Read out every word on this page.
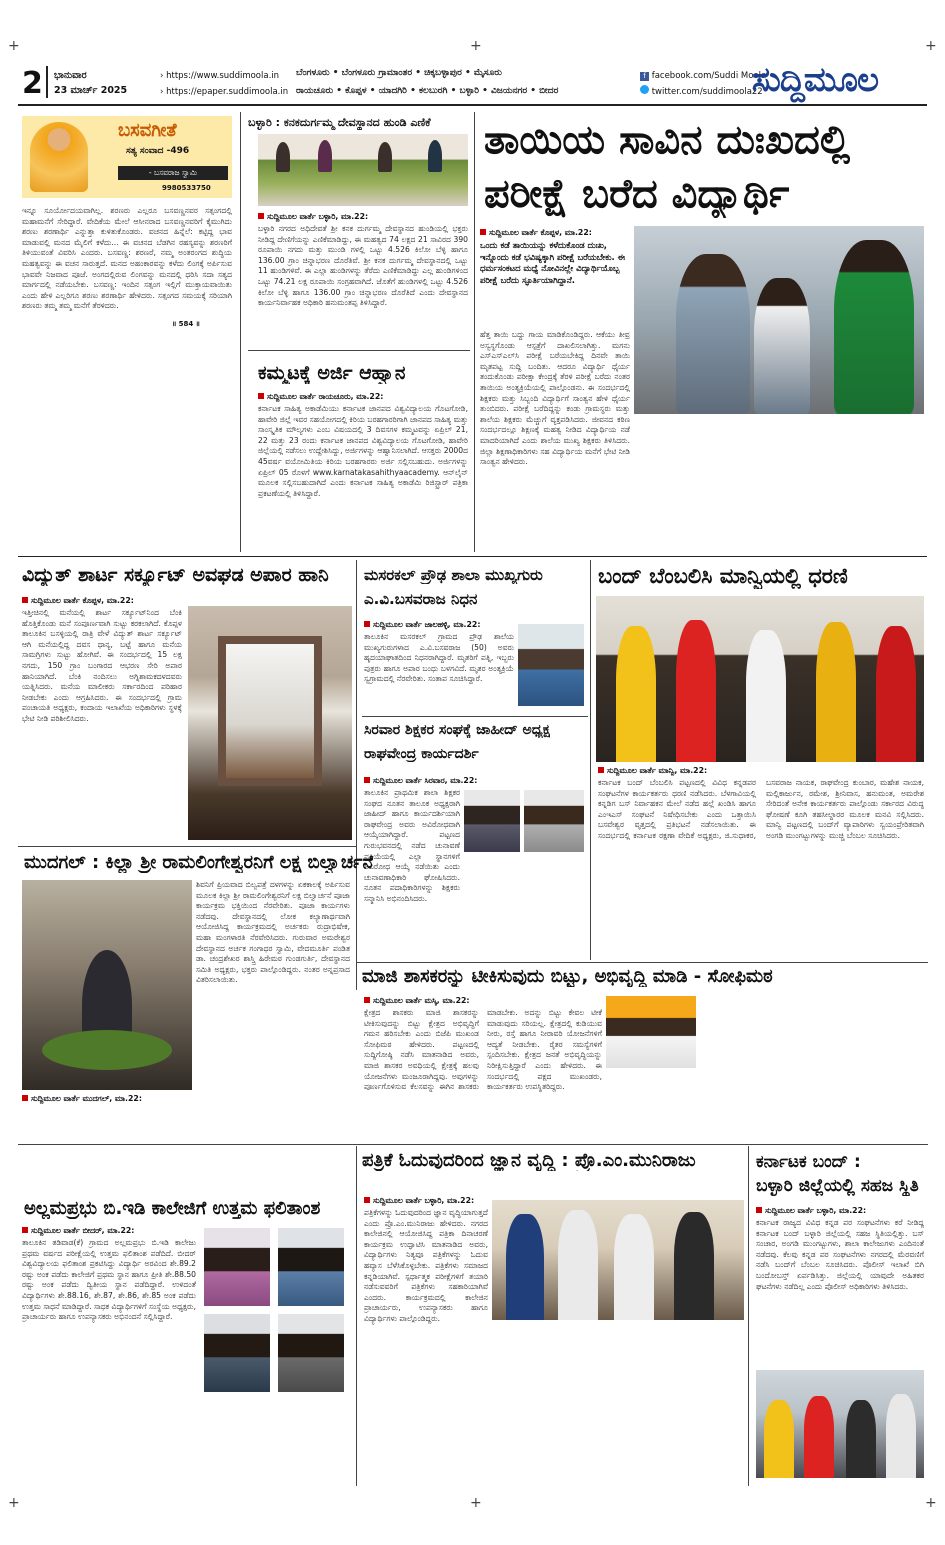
+	+	+
+	+	+
2 ಭಾನುವಾರ
23 ಮಾರ್ಚ್ 2025
› https://www.suddimoola.in
› https://epaper.suddimoola.in
ಬೆಂಗಳೂರು • ಬೆಂಗಳೂರು ಗ್ರಾಮಾಂತರ • ಚಿಕ್ಕಬಳ್ಳಾಪುರ • ಮೈಸೂರು
ರಾಯಚೂರು • ಕೊಪ್ಪಳ • ಯಾದಗಿರಿ • ಕಲಬುರಗಿ • ಬಳ್ಳಾರಿ • ವಿಜಯನಗರ • ಬೀದರ
f facebook.com/Suddi Moola
twitter.com/suddimoola22
ಸುದ್ದಿಮೂಲ
ಬಸವಗೀತೆ
ಸತ್ಯ ಸಂವಾದ -496
- ಬಸವರಾಜ ಸ್ವಾಮಿ
9980533750
ಇನ್ನೂ ಸೂರ್ಯೋದಯವಾಗಿಲ್ಲ. ಶರಣರು ಎಲ್ಲರೂ ಬಸವಣ್ಣನವರ ಸತ್ಸಂಗದಲ್ಲಿ ಮಹಾಮನೆಗೆ ಸೇರಿದ್ದಾರೆ. ವೇದಿಕೆಯ ಮೇಲೆ ಆಸೀನರಾದ ಬಸವಣ್ಣನವರಿಗೆ ಕೈಮುಗಿದು ಶರಣು ಶರಣಾರ್ಥಿ ಎನ್ನುತ್ತಾ ಕುಳಿತುಕೊಂಡರು. ವಚನದ ಹಿನ್ನೆಲೆ: ಕಟ್ಟಿದ್ದ ಭಾವ ಮಾಡುವಲ್ಲಿ ಮನದ ಮೈಲಿಗೆ ಕಳೆದು... ಈ ವಚನದ ಬೆಡಗಿನ ರಹಸ್ಯವನ್ನು ಶರಣರಿಗೆ ತಿಳಿಯುವಂತೆ ವಿವರಿಸಿ ಎಂದರು. ಬಸವಣ್ಣ: ಶರಣರೆ, ನಮ್ಮ ಅಂತರಂಗದ ಶುದ್ಧಿಯ ಮಹತ್ವವನ್ನು ಈ ವಚನ ಸಾರುತ್ತದೆ. ಮನದ ಅಹಂಕಾರವನ್ನು ಕಳೆದು ಲಿಂಗಕ್ಕೆ ಅರ್ಪಿಸುವ ಭಾವವೇ ನಿಜವಾದ ಪೂಜೆ. ಅಂಗದಲ್ಲಿರುವ ಲಿಂಗವನ್ನು ಮನದಲ್ಲಿ ಧರಿಸಿ ಸದಾ ಸತ್ಯದ ಮಾರ್ಗದಲ್ಲಿ ನಡೆಯಬೇಕು. ಬಸವಣ್ಣ: ಇಂದಿನ ಸತ್ಸಂಗ ಇಲ್ಲಿಗೆ ಮುಕ್ತಾಯವಾಯಿತು ಎಂದು ಹೇಳಿ ಎಲ್ಲರಿಗೂ ಶರಣು ಶರಣಾರ್ಥಿ ಹೇಳಿದರು. ಸತ್ಸಂಗದ ಸಮಯಕ್ಕೆ ಸರಿಯಾಗಿ ಶರಣರು ತಮ್ಮ ತಮ್ಮ ಮನೆಗೆ ತೆರಳಿದರು.
॥ 584 ॥
ಬಳ್ಳಾರಿ : ಕನಕದುರ್ಗಮ್ಮ ದೇವಸ್ಥಾನದ ಹುಂಡಿ ಎಣಿಕೆ
ಸುದ್ದಿಮೂಲ ವಾರ್ತೆ ಬಳ್ಳಾರಿ, ಮಾ.22:
ಬಳ್ಳಾರಿ ನಗರದ ಅಧಿದೇವತೆ ಶ್ರೀ ಕನಕ ದುರ್ಗಮ್ಮ ದೇವಸ್ಥಾನದ ಹುಂಡಿಯಲ್ಲಿ ಭಕ್ತರು ನೀಡಿದ್ದ ದೇಣಿಗೆಯನ್ನು ಎಣಿಕೆಮಾಡಿದ್ದು, ಈ ಮಹತ್ವದ 74 ಲಕ್ಷದ 21 ಸಾವಿರದ 390 ರೂಪಾಯಿ ನಗದು ಮತ್ತು ಮುಂಡಿ ಗಳಲ್ಲಿ ಒಟ್ಟು 4.526 ಕಿಲೋ ಬೆಳ್ಳಿ ಹಾಗೂ 136.00 ಗ್ರಾಂ ಚಿನ್ನಾಭರಣ ದೊರೆತಿವೆ. ಶ್ರೀ ಕನಕ ದುರ್ಗಮ್ಮ ದೇವಸ್ಥಾನದಲ್ಲಿ ಒಟ್ಟು 11 ಹುಂಡಿಗಳಿವೆ. ಈ ಎಲ್ಲಾ ಹುಂಡಿಗಳನ್ನು ತೆರೆದು ಎಣಿಕೆಮಾಡಿದ್ದು ಎಲ್ಲ ಹುಂಡಿಗಳಿಂದ ಒಟ್ಟು 74.21 ಲಕ್ಷ ರೂಪಾಯಿ ಸಂಗ್ರಹವಾಗಿದೆ. ಜೊತೆಗೆ ಹುಂಡಿಗಳಲ್ಲಿ ಒಟ್ಟು 4.526 ಕಿಲೋ ಬೆಳ್ಳಿ ಹಾಗೂ 136.00 ಗ್ರಾಂ ಚಿನ್ನಾಭರಣ ದೊರೆತಿದೆ ಎಂದು ದೇವಸ್ಥಾನದ ಕಾರ್ಯನಿರ್ವಾಹಕ ಅಧಿಕಾರಿ ಹನುಮಂತಪ್ಪ ತಿಳಿಸಿದ್ದಾರೆ.
ಕಮ್ಮಟಕ್ಕೆ ಅರ್ಜಿ ಆಹ್ವಾನ
ಸುದ್ದಿಮೂಲ ವಾರ್ತೆ ರಾಯಚೂರು, ಮಾ.22:
ಕರ್ನಾಟಕ ಸಾಹಿತ್ಯ ಅಕಾಡೆಮಿಯು ಕರ್ನಾಟಕ ಜಾನಪದ ವಿಶ್ವವಿದ್ಯಾಲಯ ಗೊಟಗೋಡಿ, ಹಾವೇರಿ ಜಿಲ್ಲೆ ಇವರ ಸಹಯೋಗದಲ್ಲಿ ಕಿರಿಯ ಬರಹಗಾರರಿಗಾಗಿ ಜಾನಪದ ಸಾಹಿತ್ಯ ಮತ್ತು ಸಾಂಸ್ಕೃತಿಕ ಮೌಲ್ಯಗಳು ಎಂಬ ವಿಷಯದಲ್ಲಿ 3 ದಿವಸಗಳ ಕಮ್ಮಟವನ್ನು ಏಪ್ರಿಲ್ 21, 22 ಮತ್ತು 23 ರಂದು ಕರ್ನಾಟಕ ಜಾನಪದ ವಿಶ್ವವಿದ್ಯಾಲಯ ಗೊಟಗೋಡಿ, ಹಾವೇರಿ ಜಿಲ್ಲೆಯಲ್ಲಿ ನಡೆಸಲು ಉದ್ದೇಶಿಸಿದ್ದು, ಅರ್ಜಿಗಳನ್ನು ಆಹ್ವಾನಿಸಲಾಗಿದೆ. ಆಸಕ್ತರು 2000ದ 45ವರ್ಷ ವಯೋಮಿತಿಯ ಕಿರಿಯ ಬರಹಗಾರರು ಅರ್ಜಿ ಸಲ್ಲಿಸಬಹುದು. ಅರ್ಜಿಗಳನ್ನು ಏಪ್ರಿಲ್ 05 ರೊಳಗೆ www.karnatakasahithyaacademy. ಆನ್‌ಲೈನ್ ಮೂಲಕ ಸಲ್ಲಿಸಬಹುದಾಗಿದೆ ಎಂದು ಕರ್ನಾಟಕ ಸಾಹಿತ್ಯ ಅಕಾಡೆಮಿ ರಿಜಿಸ್ಟ್ರಾರ್ ಪತ್ರಿಕಾ ಪ್ರಕಟಣೆಯಲ್ಲಿ ತಿಳಿಸಿದ್ದಾರೆ.
ತಾಯಿಯ ಸಾವಿನ ದುಃಖದಲ್ಲಿ
ಪರೀಕ್ಷೆ ಬರೆದ ವಿದ್ಯಾರ್ಥಿ
ಸುದ್ದಿಮೂಲ ವಾರ್ತೆ ಕೊಪ್ಪಳ, ಮಾ.22:
ಒಂದು ಕಡೆ ತಾಯಿಯನ್ನು ಕಳೆದುಕೊಂಡ ದುಃಖ, ಇನ್ನೊಂದು ಕಡೆ ಭವಿಷ್ಯಕ್ಕಾಗಿ ಪರೀಕ್ಷೆ ಬರೆಯಬೇಕು. ಈ ಧರ್ಮಸಂಕಟದ ಮಧ್ಯೆ ನೋವಿನಲ್ಲೇ ವಿದ್ಯಾರ್ಥಿಯೊಬ್ಬ ಪರೀಕ್ಷೆ ಬರೆದು ಸ್ಫೂರ್ತಿಯಾಗಿದ್ದಾನೆ.
ಹೆತ್ತ ತಾಯಿ ಬದ್ದು ಗಾಯ ಮಾಡಿಕೊಂಡಿದ್ದರು. ಆಕೆಯು ತೀವ್ರ ಅಸ್ವಸ್ಥಗೊಂಡು ಆಸ್ಪತ್ರೆಗೆ ದಾಖಲಿಸಲಾಗಿತ್ತು. ಮಗನು ಎಸ್ಎಸ್ಎಲ್‌ಸಿ ಪರೀಕ್ಷೆ ಬರೆಯಬೇಕಿದ್ದ ದಿನವೇ ತಾಯಿ ಮೃತಪಟ್ಟ ಸುದ್ದಿ ಬಂದಿತು. ಆದರೂ ವಿದ್ಯಾರ್ಥಿ ಧೈರ್ಯ ತಂದುಕೊಂಡು ಪರೀಕ್ಷಾ ಕೇಂದ್ರಕ್ಕೆ ತೆರಳಿ ಪರೀಕ್ಷೆ ಬರೆದು ನಂತರ ತಾಯಿಯ ಅಂತ್ಯಕ್ರಿಯೆಯಲ್ಲಿ ಪಾಲ್ಗೊಂಡನು. ಈ ಸಂದರ್ಭದಲ್ಲಿ ಶಿಕ್ಷಕರು ಮತ್ತು ಸಿಬ್ಬಂದಿ ವಿದ್ಯಾರ್ಥಿಗೆ ಸಾಂತ್ವನ ಹೇಳಿ ಧೈರ್ಯ ತುಂಬಿದರು. ಪರೀಕ್ಷೆ ಬರೆದಿದ್ದನ್ನು ಕಂಡು ಗ್ರಾಮಸ್ಥರು ಮತ್ತು ಶಾಲೆಯ ಶಿಕ್ಷಕರು ಮೆಚ್ಚುಗೆ ವ್ಯಕ್ತಪಡಿಸಿದರು. ಜೀವನದ ಕಠಿಣ ಸಂದರ್ಭದಲ್ಲೂ ಶಿಕ್ಷಣಕ್ಕೆ ಮಹತ್ವ ನೀಡಿದ ವಿದ್ಯಾರ್ಥಿಯ ನಡೆ ಮಾದರಿಯಾಗಿದೆ ಎಂದು ಶಾಲೆಯ ಮುಖ್ಯ ಶಿಕ್ಷಕರು ತಿಳಿಸಿದರು. ಜಿಲ್ಲಾ ಶಿಕ್ಷಣಾಧಿಕಾರಿಗಳು ಸಹ ವಿದ್ಯಾರ್ಥಿಯ ಮನೆಗೆ ಭೇಟಿ ನೀಡಿ ಸಾಂತ್ವನ ಹೇಳಿದರು.
ವಿದ್ಯುತ್ ಶಾರ್ಟ ಸರ್ಕ್ಯೂಟ್ ಅವಘಡ ಅಪಾರ ಹಾನಿ
ಸುದ್ದಿಮೂಲ ವಾರ್ತೆ ಕೊಪ್ಪಳ, ಮಾ.22:
ಇತ್ತೀಚಿನಲ್ಲಿ ಮನೆಯಲ್ಲಿ ಶಾರ್ಟ ಸರ್ಕ್ಯೂಟ್‌ನಿಂದ ಬೆಂಕಿ ಹೊತ್ತಿಕೊಂಡು ಮನೆ ಸಂಪೂರ್ಣವಾಗಿ ಸುಟ್ಟು ಕರಕಲಾಗಿದೆ. ಕೊಪ್ಪಳ ತಾಲೂಕಿನ ಬಸಳ್ಳಿಯಲ್ಲಿ ರಾತ್ರಿ ವೇಳೆ ವಿದ್ಯುತ್ ಶಾರ್ಟ ಸರ್ಕ್ಯೂಟ್ ಆಗಿ ಮನೆಯಲ್ಲಿದ್ದ ದವಸ ಧಾನ್ಯ, ಬಟ್ಟೆ ಹಾಗೂ ಮನೆಯ ಸಾಮಗ್ರಿಗಳು ಸುಟ್ಟು ಹೋಗಿವೆ. ಈ ಸಂದರ್ಭದಲ್ಲಿ 15 ಲಕ್ಷ ನಗದು, 150 ಗ್ರಾಂ ಬಂಗಾರದ ಆಭರಣ ಸೇರಿ ಅಪಾರ ಹಾನಿಯಾಗಿದೆ. ಬೆಂಕಿ ನಂದಿಸಲು ಅಗ್ನಿಶಾಮಕದಳದವರು ಯತ್ನಿಸಿದರು. ಮನೆಯ ಮಾಲೀಕರು ಸರ್ಕಾರದಿಂದ ಪರಿಹಾರ ನೀಡಬೇಕು ಎಂದು ಆಗ್ರಹಿಸಿದರು. ಈ ಸಂದರ್ಭದಲ್ಲಿ ಗ್ರಾಮ ಪಂಚಾಯತಿ ಅಧ್ಯಕ್ಷರು, ಕಂದಾಯ ಇಲಾಖೆಯ ಅಧಿಕಾರಿಗಳು ಸ್ಥಳಕ್ಕೆ ಭೇಟಿ ನೀಡಿ ಪರಿಶೀಲಿಸಿದರು.
ಮಸರಕಲ್ ಪ್ರೌಢ ಶಾಲಾ ಮುಖ್ಯಗುರು
ಎ.ವಿ.ಬಸವರಾಜ ನಿಧನ
ಸುದ್ದಿಮೂಲ ವಾರ್ತೆ ಜಾಲಹಳ್ಳಿ, ಮಾ.22:
ತಾಲೂಕಿನ ಮಸರಕಲ್ ಗ್ರಾಮದ ಪ್ರೌಢ ಶಾಲೆಯ ಮುಖ್ಯಗುರುಗಳಾದ ಎ.ವಿ.ಬಸವರಾಜ (50) ಅವರು ಹೃದಯಾಘಾತದಿಂದ ನಿಧನರಾಗಿದ್ದಾರೆ. ಮೃತರಿಗೆ ಪತ್ನಿ, ಇಬ್ಬರು ಪುತ್ರರು ಹಾಗೂ ಅಪಾರ ಬಂಧು ಬಳಗವಿದೆ. ಮೃತರ ಅಂತ್ಯಕ್ರಿಯೆ ಸ್ವಗ್ರಾಮದಲ್ಲಿ ನೆರವೇರಿತು. ಸಂತಾಪ ಸೂಚಿಸಿದ್ದಾರೆ.
ಸಿರವಾರ ಶಿಕ್ಷಕರ ಸಂಘಕ್ಕೆ ಜಾಹೀದ್ ಅಧ್ಯಕ್ಷ
ರಾಘವೇಂದ್ರ ಕಾರ್ಯದರ್ಶಿ
ಸುದ್ದಿಮೂಲ ವಾರ್ತೆ ಸಿರವಾರ, ಮಾ.22:
ತಾಲೂಕಿನ ಪ್ರಾಥಮಿಕ ಶಾಲಾ ಶಿಕ್ಷಕರ ಸಂಘದ ನೂತನ ತಾಲೂಕ ಅಧ್ಯಕ್ಷರಾಗಿ ಜಾಹೀದ್ ಹಾಗೂ ಕಾರ್ಯದರ್ಶಿಯಾಗಿ ರಾಘವೇಂದ್ರ ಅವರು ಅವಿರೋಧವಾಗಿ ಆಯ್ಕೆಯಾಗಿದ್ದಾರೆ. ಪಟ್ಟಣದ ಗುರುಭವನದಲ್ಲಿ ನಡೆದ ಚುನಾವಣೆ ಪ್ರಕ್ರಿಯೆಯಲ್ಲಿ ಎಲ್ಲಾ ಸ್ಥಾನಗಳಿಗೆ ಅವಿರೋಧ ಆಯ್ಕೆ ನಡೆಯಿತು ಎಂದು ಚುನಾವಣಾಧಿಕಾರಿ ಘೋಷಿಸಿದರು. ನೂತನ ಪದಾಧಿಕಾರಿಗಳನ್ನು ಶಿಕ್ಷಕರು ಸನ್ಮಾನಿಸಿ ಅಭಿನಂದಿಸಿದರು.
ಬಂದ್ ಬೆಂಬಲಿಸಿ ಮಾನ್ವಿಯಲ್ಲಿ ಧರಣಿ
ಸುದ್ದಿಮೂಲ ವಾರ್ತೆ ಮಾನ್ವಿ, ಮಾ.22:
ಕರ್ನಾಟಕ ಬಂದ್ ಬೆಂಬಲಿಸಿ ಪಟ್ಟಣದಲ್ಲಿ ವಿವಿಧ ಕನ್ನಡಪರ ಸಂಘಟನೆಗಳ ಕಾರ್ಯಕರ್ತರು ಧರಣಿ ನಡೆಸಿದರು. ಬೆಳಗಾವಿಯಲ್ಲಿ ಕನ್ನಡಿಗ ಬಸ್ ನಿರ್ವಾಹಕನ ಮೇಲೆ ನಡೆದ ಹಲ್ಲೆ ಖಂಡಿಸಿ ಹಾಗೂ ಎಂಇಎಸ್ ಸಂಘಟನೆ ನಿಷೇಧಿಸಬೇಕು ಎಂದು ಒತ್ತಾಯಿಸಿ ಬಸವೇಶ್ವರ ವೃತ್ತದಲ್ಲಿ ಪ್ರತಿಭಟನೆ ನಡೆಸಲಾಯಿತು. ಈ ಸಂದರ್ಭದಲ್ಲಿ ಕರ್ನಾಟಕ ರಕ್ಷಣಾ ವೇದಿಕೆ ಅಧ್ಯಕ್ಷರು, ಜಿ.ಸುಧಾಕರ, ಬಸವರಾಜ ನಾಯಕ, ರಾಘವೇಂದ್ರ ಕುಂಬಾರ, ಮಹೇಶ ನಾಯಕ, ಮಲ್ಲಿಕಾರ್ಜುನ, ರಮೇಶ, ಶ್ರೀನಿವಾಸ, ಹನುಮಂತ, ಅಮರೇಶ ಸೇರಿದಂತೆ ಅನೇಕ ಕಾರ್ಯಕರ್ತರು ಪಾಲ್ಗೊಂಡು ಸರ್ಕಾರದ ವಿರುದ್ಧ ಘೋಷಣೆ ಕೂಗಿ ತಹಸೀಲ್ದಾರರ ಮೂಲಕ ಮನವಿ ಸಲ್ಲಿಸಿದರು. ಮಾನ್ವಿ ಪಟ್ಟಣದಲ್ಲಿ ಬಂದ್‌ಗೆ ವ್ಯಾಪಾರಿಗಳು ಸ್ವಯಂಪ್ರೇರಿತವಾಗಿ ಅಂಗಡಿ ಮುಂಗಟ್ಟುಗಳನ್ನು ಮುಚ್ಚಿ ಬೆಂಬಲ ಸೂಚಿಸಿದರು.
ಮುದಗಲ್ : ಕಿಲ್ಲಾ ಶ್ರೀ ರಾಮಲಿಂಗೇಶ್ವರನಿಗೆ ಲಕ್ಷ ಬಿಲ್ವಾರ್ಚನೆ
ಶಿವನಿಗೆ ಪ್ರಿಯವಾದ ಬಿಲ್ವಪತ್ರೆ ದಳಗಳನ್ನು ಏಕಕಾಲಕ್ಕೆ ಅರ್ಪಿಸುವ ಮೂಲಕ ಕಿಲ್ಲಾ ಶ್ರೀ ರಾಮಲಿಂಗೇಶ್ವರನಿಗೆ ಲಕ್ಷ ಬಿಲ್ವಾರ್ಚನೆ ಪೂಜಾ ಕಾರ್ಯಕ್ರಮ ಭಕ್ತಿಯಿಂದ ನೆರವೇರಿತು. ಪೂಜಾ ಕಾರ್ಯಗಳು ನಡೆದವು. ದೇವಸ್ಥಾನದಲ್ಲಿ ಲೋಕ ಕಲ್ಯಾಣಾರ್ಥವಾಗಿ ಆಯೋಜಿಸಿದ್ದ ಕಾರ್ಯಕ್ರಮದಲ್ಲಿ ಅರ್ಚಕರು ರುದ್ರಾಭಿಷೇಕ, ಮಹಾ ಮಂಗಳಾರತಿ ನೆರವೇರಿಸಿದರು. ಗುರುವಾರ ಅಮರೇಶ್ವರ ದೇವಸ್ಥಾನದ ಅರ್ಚಕ ಗಂಗಾಧರ ಸ್ವಾಮಿ, ವೇದಮೂರ್ತಿ ಪಂಡಿತ ಡಾ. ಚಂದ್ರಶೇಖರ ಶಾಸ್ತ್ರಿ ಹಿರೇಮಠ ಗುಂಡಗುರ್ತಿ, ದೇವಸ್ಥಾನದ ಸಮಿತಿ ಅಧ್ಯಕ್ಷರು, ಭಕ್ತರು ಪಾಲ್ಗೊಂಡಿದ್ದರು. ನಂತರ ಅನ್ನಪ್ರಸಾದ ವಿತರಿಸಲಾಯಿತು.
ಸುದ್ದಿಮೂಲ ವಾರ್ತೆ ಮುದಗಲ್, ಮಾ.22:
ಮಾಜಿ ಶಾಸಕರನ್ನು ಟೀಕಿಸುವುದು ಬಿಟ್ಟು, ಅಭಿವೃದ್ಧಿ ಮಾಡಿ - ಸೋಫಿಮಠ
ಸುದ್ದಿಮೂಲ ವಾರ್ತೆ ಮಸ್ಕಿ, ಮಾ.22:
ಕ್ಷೇತ್ರದ ಶಾಸಕರು ಮಾಜಿ ಶಾಸಕರನ್ನು ಟೀಕಿಸುವುದನ್ನು ಬಿಟ್ಟು ಕ್ಷೇತ್ರದ ಅಭಿವೃದ್ಧಿಗೆ ಗಮನ ಹರಿಸಬೇಕು ಎಂದು ಬಿಜೆಪಿ ಮುಖಂಡ ಸೋಫಿಮಠ ಹೇಳಿದರು. ಪಟ್ಟಣದಲ್ಲಿ ಸುದ್ದಿಗೋಷ್ಠಿ ನಡೆಸಿ ಮಾತನಾಡಿದ ಅವರು, ಮಾಜಿ ಶಾಸಕರ ಅವಧಿಯಲ್ಲಿ ಕ್ಷೇತ್ರಕ್ಕೆ ಹಲವು ಯೋಜನೆಗಳು ಮಂಜೂರಾಗಿದ್ದವು. ಅವುಗಳನ್ನು ಪೂರ್ಣಗೊಳಿಸುವ ಕೆಲಸವನ್ನು ಈಗಿನ ಶಾಸಕರು ಮಾಡಬೇಕು. ಅದನ್ನು ಬಿಟ್ಟು ಕೇವಲ ಟೀಕೆ ಮಾಡುವುದು ಸರಿಯಲ್ಲ. ಕ್ಷೇತ್ರದಲ್ಲಿ ಕುಡಿಯುವ ನೀರು, ರಸ್ತೆ ಹಾಗೂ ನೀರಾವರಿ ಯೋಜನೆಗಳಿಗೆ ಆದ್ಯತೆ ನೀಡಬೇಕು. ರೈತರ ಸಮಸ್ಯೆಗಳಿಗೆ ಸ್ಪಂದಿಸಬೇಕು. ಕ್ಷೇತ್ರದ ಜನತೆ ಅಭಿವೃದ್ಧಿಯನ್ನು ನಿರೀಕ್ಷಿಸುತ್ತಿದ್ದಾರೆ ಎಂದು ಹೇಳಿದರು. ಈ ಸಂದರ್ಭದಲ್ಲಿ ಪಕ್ಷದ ಮುಖಂಡರು, ಕಾರ್ಯಕರ್ತರು ಉಪಸ್ಥಿತರಿದ್ದರು.
ಅಲ್ಲಮಪ್ರಭು ಬಿ.ಇಡಿ ಕಾಲೇಜಿಗೆ ಉತ್ತಮ ಫಲಿತಾಂಶ
ಸುದ್ದಿಮೂಲ ವಾರ್ತೆ ಬೀದರ್, ಮಾ.22:
ತಾಲೂಕಿನ ತಡಿವಾಡ(ಕೆ) ಗ್ರಾಮದ ಅಲ್ಲಮಪ್ರಭು ಬಿ.ಇಡಿ ಕಾಲೇಜು ಪ್ರಥಮ ವರ್ಷದ ಪರೀಕ್ಷೆಯಲ್ಲಿ ಉತ್ತಮ ಫಲಿತಾಂಶ ಪಡೆದಿದೆ. ಬೀದರ್ ವಿಶ್ವವಿದ್ಯಾಲಯ ಫಲಿತಾಂಶ ಪ್ರಕಟಿಸಿದ್ದು ವಿದ್ಯಾರ್ಥಿ ಅರವಿಂದ ಶೇ.89.2 ರಷ್ಟು ಅಂಕ ಪಡೆದು ಕಾಲೇಜಿಗೆ ಪ್ರಥಮ ಸ್ಥಾನ ಹಾಗೂ ಪ್ರೀತಿ ಶೇ.88.50 ರಷ್ಟು ಅಂಕ ಪಡೆದು ದ್ವಿತೀಯ ಸ್ಥಾನ ಪಡೆದಿದ್ದಾರೆ. ಉಳಿದಂತೆ ವಿದ್ಯಾರ್ಥಿಗಳು ಶೇ.88.16, ಶೇ.87, ಶೇ.86, ಶೇ.85 ಅಂಕ ಪಡೆದು ಉತ್ತಮ ಸಾಧನೆ ಮಾಡಿದ್ದಾರೆ. ಸಾಧಕ ವಿದ್ಯಾರ್ಥಿಗಳಿಗೆ ಸಂಸ್ಥೆಯ ಅಧ್ಯಕ್ಷರು, ಪ್ರಾಚಾರ್ಯರು ಹಾಗೂ ಉಪನ್ಯಾಸಕರು ಅಭಿನಂದನೆ ಸಲ್ಲಿಸಿದ್ದಾರೆ.
ಪತ್ರಿಕೆ ಓದುವುದರಿಂದ ಜ್ಞಾನ ವೃದ್ಧಿ : ಪ್ರೊ.ಎಂ.ಮುನಿರಾಜು
ಸುದ್ದಿಮೂಲ ವಾರ್ತೆ ಬಳ್ಳಾರಿ, ಮಾ.22:
ಪತ್ರಿಕೆಗಳನ್ನು ಓದುವುದರಿಂದ ಜ್ಞಾನ ವೃದ್ಧಿಯಾಗುತ್ತದೆ ಎಂದು ಪ್ರೊ.ಎಂ.ಮುನಿರಾಜು ಹೇಳಿದರು. ನಗರದ ಕಾಲೇಜಿನಲ್ಲಿ ಆಯೋಜಿಸಿದ್ದ ಪತ್ರಿಕಾ ದಿನಾಚರಣೆ ಕಾರ್ಯಕ್ರಮ ಉದ್ಘಾಟಿಸಿ ಮಾತನಾಡಿದ ಅವರು, ವಿದ್ಯಾರ್ಥಿಗಳು ನಿತ್ಯವೂ ಪತ್ರಿಕೆಗಳನ್ನು ಓದುವ ಹವ್ಯಾಸ ಬೆಳೆಸಿಕೊಳ್ಳಬೇಕು. ಪತ್ರಿಕೆಗಳು ಸಮಾಜದ ಕನ್ನಡಿಯಾಗಿವೆ. ಸ್ಪರ್ಧಾತ್ಮಕ ಪರೀಕ್ಷೆಗಳಿಗೆ ತಯಾರಿ ನಡೆಸುವವರಿಗೆ ಪತ್ರಿಕೆಗಳು ಸಹಕಾರಿಯಾಗಿವೆ ಎಂದರು. ಕಾರ್ಯಕ್ರಮದಲ್ಲಿ ಕಾಲೇಜಿನ ಪ್ರಾಚಾರ್ಯರು, ಉಪನ್ಯಾಸಕರು ಹಾಗೂ ವಿದ್ಯಾರ್ಥಿಗಳು ಪಾಲ್ಗೊಂಡಿದ್ದರು.
ಕರ್ನಾಟಕ ಬಂದ್ :
ಬಳ್ಳಾರಿ ಜಿಲ್ಲೆಯಲ್ಲಿ ಸಹಜ ಸ್ಥಿತಿ
ಸುದ್ದಿಮೂಲ ವಾರ್ತೆ ಬಳ್ಳಾರಿ, ಮಾ.22:
ಕರ್ನಾಟಕ ರಾಜ್ಯದ ವಿವಿಧ ಕನ್ನಡ ಪರ ಸಂಘಟನೆಗಳು ಕರೆ ನೀಡಿದ್ದ ಕರ್ನಾಟಕ ಬಂದ್ ಬಳ್ಳಾರಿ ಜಿಲ್ಲೆಯಲ್ಲಿ ಸಹಜ ಸ್ಥಿತಿಯಲ್ಲಿತ್ತು. ಬಸ್ ಸಂಚಾರ, ಅಂಗಡಿ ಮುಂಗಟ್ಟುಗಳು, ಶಾಲಾ ಕಾಲೇಜುಗಳು ಎಂದಿನಂತೆ ನಡೆದವು. ಕೆಲವು ಕನ್ನಡ ಪರ ಸಂಘಟನೆಗಳು ನಗರದಲ್ಲಿ ಮೆರವಣಿಗೆ ನಡೆಸಿ ಬಂದ್‌ಗೆ ಬೆಂಬಲ ಸೂಚಿಸಿದರು. ಪೊಲೀಸ್ ಇಲಾಖೆ ಬಿಗಿ ಬಂದೋಬಸ್ತ್ ಏರ್ಪಡಿಸಿತ್ತು. ಜಿಲ್ಲೆಯಲ್ಲಿ ಯಾವುದೇ ಅಹಿತಕರ ಘಟನೆಗಳು ನಡೆದಿಲ್ಲ ಎಂದು ಪೊಲೀಸ್ ಅಧಿಕಾರಿಗಳು ತಿಳಿಸಿದರು.
